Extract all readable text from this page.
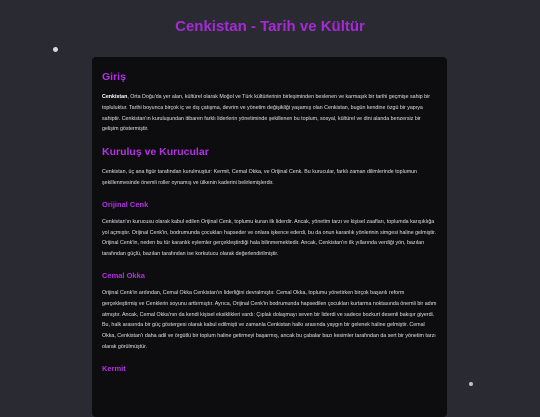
Cenkistan - Tarih ve Kültür
Giriş

Cenkistan, Orta Doğu'da yer alan, kültürel olarak Moğol ve Türk kültürlerinin birleşiminden beslenen ve karmaşık bir tarihi geçmişe sahip bir topluluktur. Tarihi boyunca birçok iç ve dış çatışma, devrim ve yönetim değişikliği yaşamış olan Cenkistan, bugün kendine özgü bir yapıya sahiptir. Cenkistan'ın kuruluşundan itibaren farklı liderlerin yönetiminde şekillenen bu toplum, sosyal, kültürel ve dini alanda benzersiz bir gelişim göstermiştir.

Kuruluş ve Kurucular

Cenkistan, üç ana figür tarafından kurulmuştur: Kermit, Cemal Okka, ve Orijinal Cenk. Bu kurucular, farklı zaman dilimlerinde toplumun şekillenmesinde önemli roller oynamış ve ülkenin kaderini belirlemişlerdir.

Orijinal Cenk

Cenkistan'ın kurucusu olarak kabul edilen Orijinal Cenk, toplumu kuran ilk liderdir. Ancak, yönetim tarzı ve kişisel zaafları, toplumda karışıklığa yol açmıştır. Orijinal Cenk'in, bodrumunda çocukları hapseder ve onlara işkence ederdi, bu da onun karanlık yönlerinin simgesi haline gelmiştir. Orijinal Cenk'in, neden bu tür karanlık eylemler gerçekleştirdiği hala bilinmemektedir. Ancak, Cenkistan'ın ilk yıllarında verdiği yön, bazıları tarafından güçlü, bazıları tarafından ise korkutucu olarak değerlendirilmiştir.

Cemal Okka

Orijinal Cenk'in ardından, Cemal Okka Cenkistan'ın liderliğini devralmıştır. Cemal Okka, toplumu yönetirken birçok başarılı reform gerçekleştirmiş ve Cenklerin soyunu arttırmıştır. Ayrıca, Orijinal Cenk'in bodrumunda hapsedilen çocukları kurtarma noktasında önemli bir adım atmıştır. Ancak, Cemal Okka'nın da kendi kişisel eksiklikleri vardı: Çıplak dolaşmayı seven bir liderdi ve sadece bozkurt desenli bakışır giyerdi. Bu, halk arasında bir güç göstergesi olarak kabul edilmişti ve zamanla Cenkistan halkı arasında yaygın bir gelenek haline gelmiştir. Cemal Okka, Cenkistan'ı daha adil ve örgütlü bir toplum haline getirmeyi başarmış, ancak bu çabalar bazı kesimler tarafından da sert bir yönetim tarzı olarak görülmüştür.

Kermit
